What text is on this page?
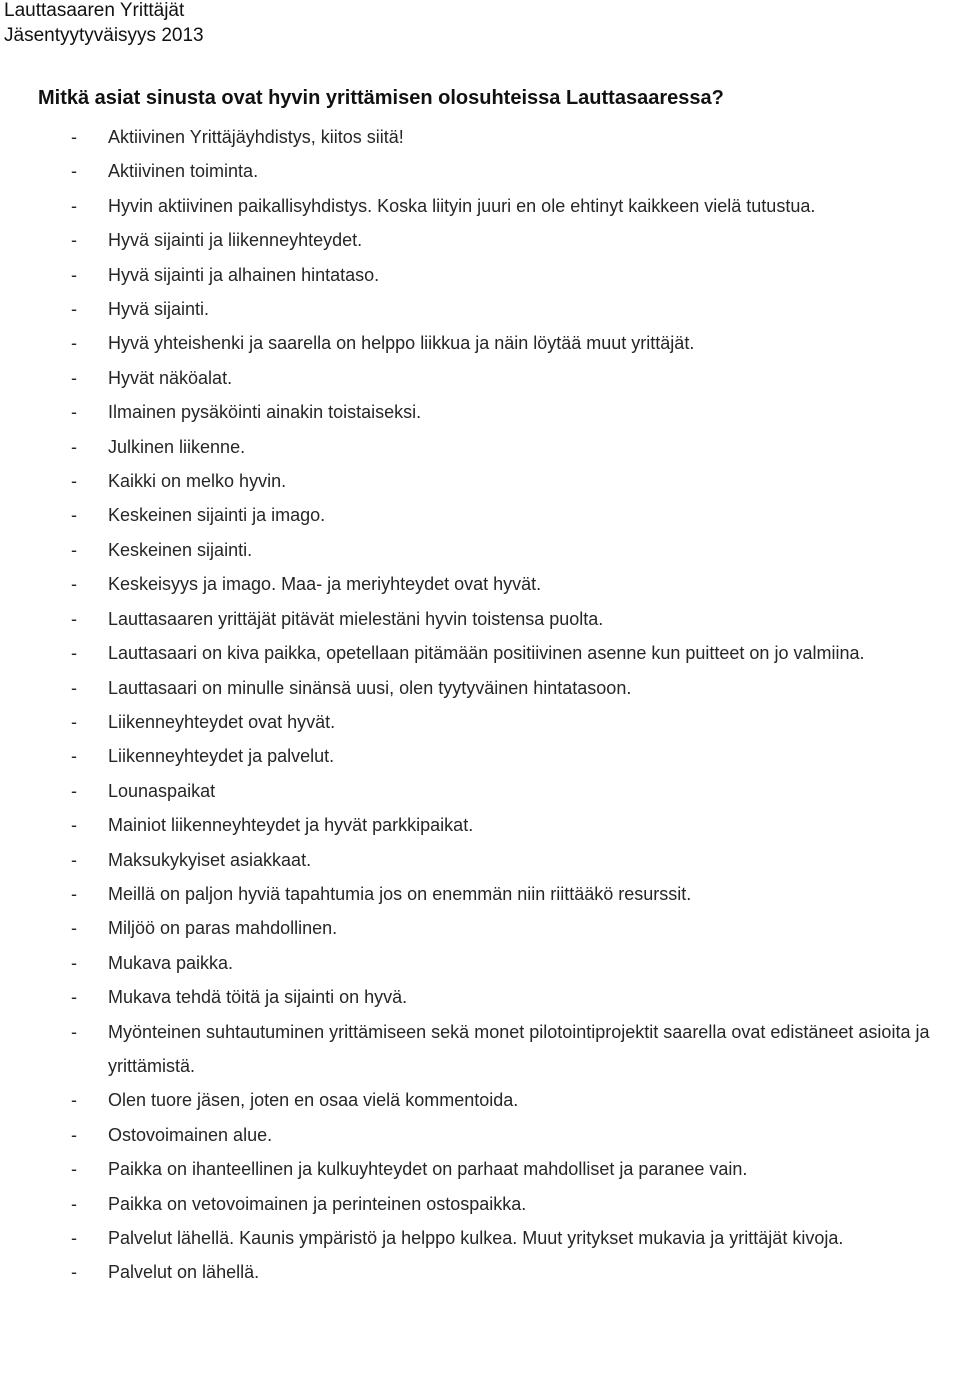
Lauttasaaren Yrittäjät
Jäsentyytyväisyys 2013
Mitkä asiat sinusta ovat hyvin yrittämisen olosuhteissa Lauttasaaressa?
- Aktiivinen Yrittäjäyhdistys, kiitos siitä!
- Aktiivinen toiminta.
- Hyvin aktiivinen paikallisyhdistys. Koska liityin juuri en ole ehtinyt kaikkeen vielä tutustua.
- Hyvä sijainti ja liikenneyhteydet.
- Hyvä sijainti ja alhainen hintataso.
- Hyvä sijainti.
- Hyvä yhteishenki ja saarella on helppo liikkua ja näin löytää muut yrittäjät.
- Hyvät näköalat.
- Ilmainen pysäköinti ainakin toistaiseksi.
- Julkinen liikenne.
- Kaikki on melko hyvin.
- Keskeinen sijainti ja imago.
- Keskeinen sijainti.
- Keskeisyys ja imago. Maa- ja meriyhteydet ovat hyvät.
- Lauttasaaren yrittäjät pitävät mielestäni hyvin toistensa puolta.
- Lauttasaari on kiva paikka, opetellaan pitämään positiivinen asenne kun puitteet on jo valmiina.
- Lauttasaari on minulle sinänsä uusi, olen tyytyväinen hintatasoon.
- Liikenneyhteydet ovat hyvät.
- Liikenneyhteydet ja palvelut.
- Lounaspaikat
- Mainiot liikenneyhteydet ja hyvät parkkipaikat.
- Maksukykyiset asiakkaat.
- Meillä on paljon hyviä tapahtumia jos on enemmän niin riittääkö resurssit.
- Miljöö on paras mahdollinen.
- Mukava paikka.
- Mukava tehdä töitä ja sijainti on hyvä.
- Myönteinen suhtautuminen yrittämiseen sekä monet pilotointiprojektit saarella ovat edistäneet asioita ja yrittämistä.
- Olen tuore jäsen, joten en osaa vielä kommentoida.
- Ostovoimainen alue.
- Paikka on ihanteellinen ja kulkuyhteydet on parhaat mahdolliset ja paranee vain.
- Paikka on vetovoimainen ja perinteinen ostospaikka.
- Palvelut lähellä. Kaunis ympäristö ja helppo kulkea. Muut yritykset mukavia ja yrittäjät kivoja.
- Palvelut on lähellä.
